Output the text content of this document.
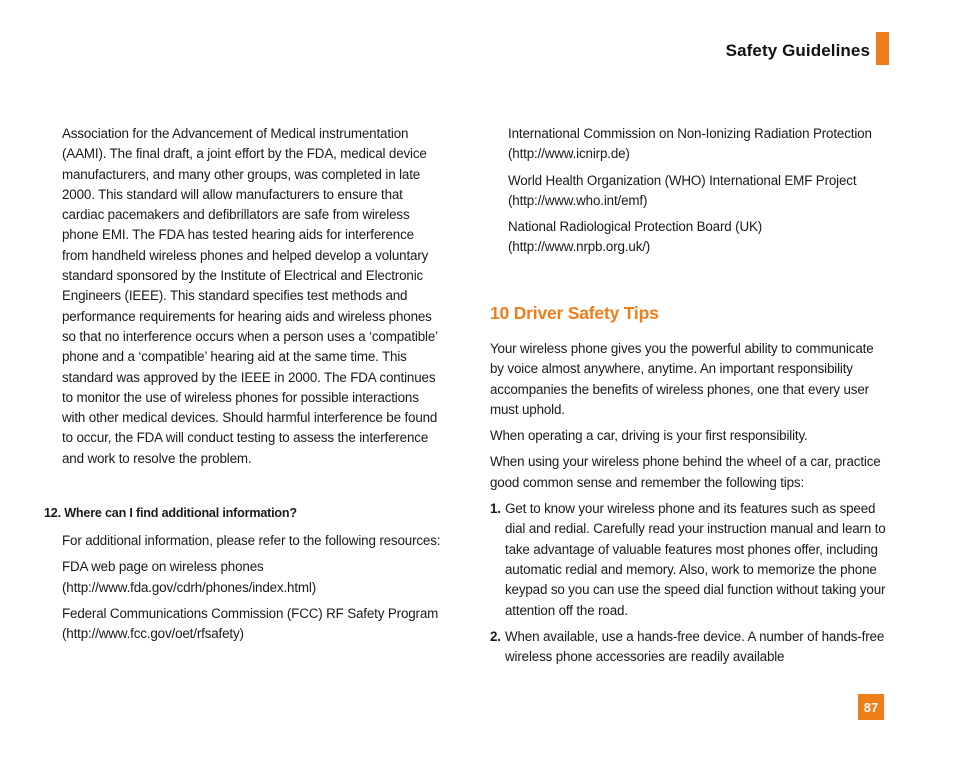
Safety Guidelines

Association for the Advancement of Medical instrumentation (AAMI). The final draft, a joint effort by the FDA, medical device manufacturers, and many other groups, was completed in late 2000. This standard will allow manufacturers to ensure that cardiac pacemakers and defibrillators are safe from wireless phone EMI. The FDA has tested hearing aids for interference from handheld wireless phones and helped develop a voluntary standard sponsored by the Institute of Electrical and Electronic Engineers (IEEE). This standard specifies test methods and performance requirements for hearing aids and wireless phones so that no interference occurs when a person uses a ‘compatible’ phone and a ‘compatible’ hearing aid at the same time. This standard was approved by the IEEE in 2000. The FDA continues to monitor the use of wireless phones for possible interactions with other medical devices. Should harmful interference be found to occur, the FDA will conduct testing to assess the interference and work to resolve the problem.

12. Where can I find additional information?

For additional information, please refer to the following resources:

FDA web page on wireless phones
(http://www.fda.gov/cdrh/phones/index.html)

Federal Communications Commission (FCC) RF Safety Program
(http://www.fcc.gov/oet/rfsafety)

International Commission on Non-Ionizing Radiation Protection
(http://www.icnirp.de)

World Health Organization (WHO) International EMF Project
(http://www.who.int/emf)

National Radiological Protection Board (UK)
(http://www.nrpb.org.uk/)

10 Driver Safety Tips

Your wireless phone gives you the powerful ability to communicate by voice almost anywhere, anytime. An important responsibility accompanies the benefits of wireless phones, one that every user must uphold.

When operating a car, driving is your first responsibility.

When using your wireless phone behind the wheel of a car, practice good common sense and remember the following tips:

1. Get to know your wireless phone and its features such as speed dial and redial. Carefully read your instruction manual and learn to take advantage of valuable features most phones offer, including automatic redial and memory. Also, work to memorize the phone keypad so you can use the speed dial function without taking your attention off the road.
2. When available, use a hands-free device. A number of hands-free wireless phone accessories are readily available
87
